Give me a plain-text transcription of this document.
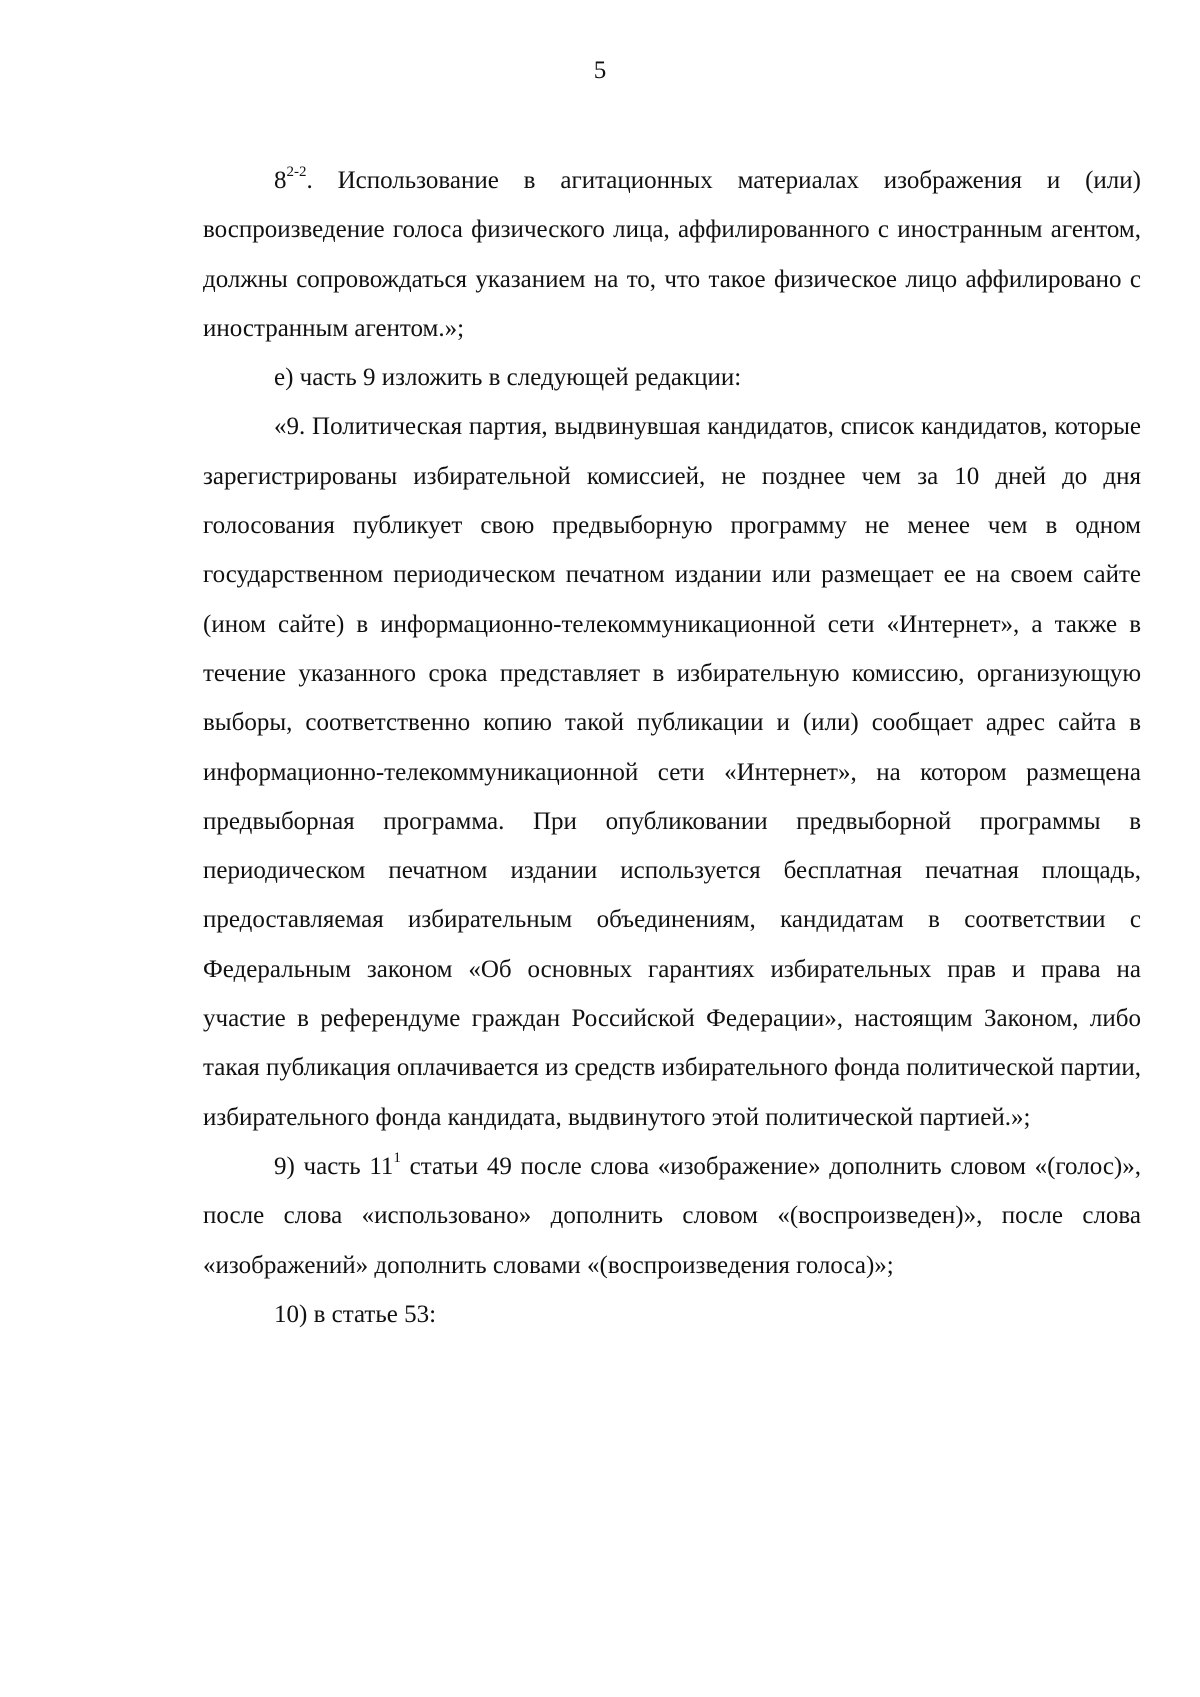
5

8$^{2-2}$. Использование в агитационных материалах изображения и (или) воспроизведение голоса физического лица, аффилированного с иностранным агентом, должны сопровождаться указанием на то, что такое физическое лицо аффилировано с иностранным агентом.»;

е) часть 9 изложить в следующей редакции:

«9. Политическая партия, выдвинувшая кандидатов, список кандидатов, которые зарегистрированы избирательной комиссией, не позднее чем за 10 дней до дня голосования публикует свою предвыборную программу не менее чем в одном государственном периодическом печатном издании или размещает ее на своем сайте (ином сайте) в информационно-телекоммуникационной сети «Интернет», а также в течение указанного срока представляет в избирательную комиссию, организующую выборы, соответственно копию такой публикации и (или) сообщает адрес сайта в информационно-телекоммуникационной сети «Интернет», на котором размещена предвыборная программа. При опубликовании предвыборной программы в периодическом печатном издании используется бесплатная печатная площадь, предоставляемая избирательным объединениям, кандидатам в соответствии с Федеральным законом «Об основных гарантиях избирательных прав и права на участие в референдуме граждан Российской Федерации», настоящим Законом, либо такая публикация оплачивается из средств избирательного фонда политической партии, избирательного фонда кандидата, выдвинутого этой политической партией.»;

9) часть $11^1$ статьи 49 после слова «изображение» дополнить словом «(голос)», после слова «использовано» дополнить словом «(воспроизведен)», после слова «изображений» дополнить словами «(воспроизведения голоса)»;

10) в статье 53:
